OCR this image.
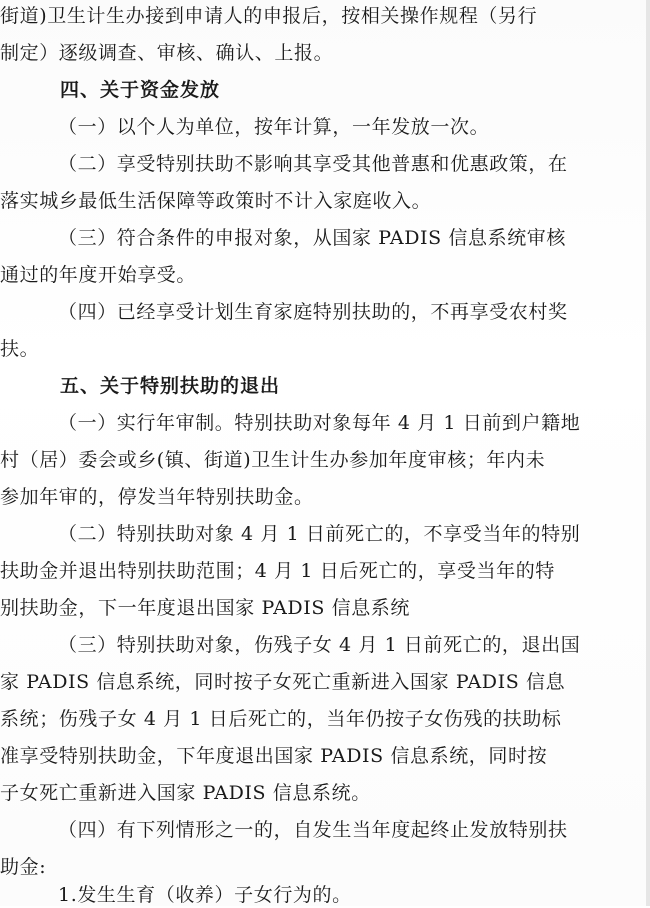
街道)卫生计生办接到申请人的申报后，按相关操作规程（另行
制定）逐级调查、审核、确认、上报。
四、关于资金发放
（一）以个人为单位，按年计算，一年发放一次。
（二）享受特别扶助不影响其享受其他普惠和优惠政策，在
落实城乡最低生活保障等政策时不计入家庭收入。
（三）符合条件的申报对象，从国家 PADIS 信息系统审核
通过的年度开始享受。
（四）已经享受计划生育家庭特别扶助的，不再享受农村奖
扶。
五、关于特别扶助的退出
（一）实行年审制。特别扶助对象每年 4 月 1 日前到户籍地
村（居）委会或乡(镇、街道)卫生计生办参加年度审核；年内未
参加年审的，停发当年特别扶助金。
（二）特别扶助对象 4 月 1 日前死亡的，不享受当年的特别
扶助金并退出特别扶助范围；4 月 1 日后死亡的，享受当年的特
别扶助金，下一年度退出国家 PADIS 信息系统
（三）特别扶助对象，伤残子女 4 月 1 日前死亡的，退出国
家 PADIS 信息系统，同时按子女死亡重新进入国家 PADIS 信息
系统；伤残子女 4 月 1 日后死亡的，当年仍按子女伤残的扶助标
准享受特别扶助金，下年度退出国家 PADIS 信息系统，同时按
子女死亡重新进入国家 PADIS 信息系统。
（四）有下列情形之一的，自发生当年度起终止发放特别扶
助金:
1.发生生育（收养）子女行为的。
